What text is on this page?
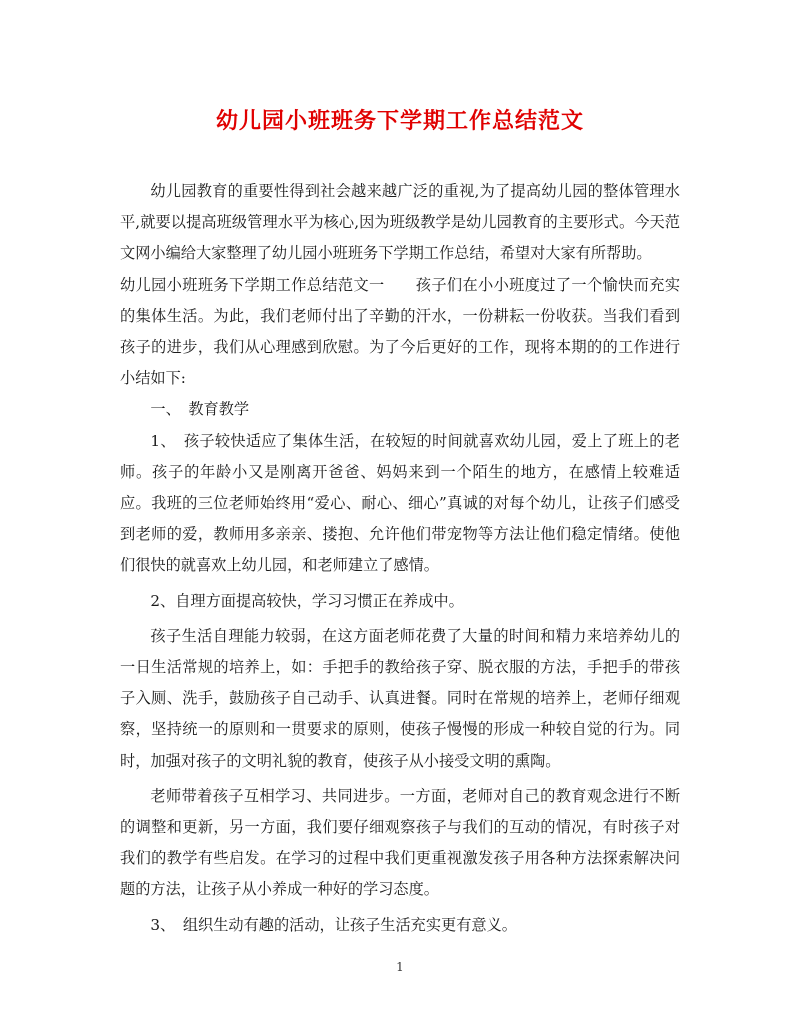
幼儿园小班班务下学期工作总结范文

幼儿园教育的重要性得到社会越来越广泛的重视,为了提高幼儿园的整体管理水平,就要以提高班级管理水平为核心,因为班级教学是幼儿园教育的主要形式。今天范文网小编给大家整理了幼儿园小班班务下学期工作总结，希望对大家有所帮助。

幼儿园小班班务下学期工作总结范文一　　孩子们在小小班度过了一个愉快而充实的集体生活。为此，我们老师付出了辛勤的汗水，一份耕耘一份收获。当我们看到孩子的进步，我们从心理感到欣慰。为了今后更好的工作，现将本期的的工作进行小结如下:

一、　教育教学

1、　孩子较快适应了集体生活，在较短的时间就喜欢幼儿园，爱上了班上的老师。孩子的年龄小又是刚离开爸爸、妈妈来到一个陌生的地方，在感情上较难适应。我班的三位老师始终用“爱心、耐心、细心”真诚的对每个幼儿，让孩子们感受到老师的爱，教师用多亲亲、搂抱、允许他们带宠物等方法让他们稳定情绪。使他们很快的就喜欢上幼儿园，和老师建立了感情。

2、自理方面提高较快，学习习惯正在养成中。

孩子生活自理能力较弱，在这方面老师花费了大量的时间和精力来培养幼儿的一日生活常规的培养上，如：手把手的教给孩子穿、脱衣服的方法，手把手的带孩子入厕、洗手，鼓励孩子自己动手、认真进餐。同时在常规的培养上，老师仔细观察，坚持统一的原则和一贯要求的原则，使孩子慢慢的形成一种较自觉的行为。同时，加强对孩子的文明礼貌的教育，使孩子从小接受文明的熏陶。

老师带着孩子互相学习、共同进步。一方面，老师对自己的教育观念进行不断的调整和更新，另一方面，我们要仔细观察孩子与我们的互动的情况，有时孩子对我们的教学有些启发。在学习的过程中我们更重视激发孩子用各种方法探索解决问题的方法，让孩子从小养成一种好的学习态度。

3、　组织生动有趣的活动，让孩子生活充实更有意义。

1
